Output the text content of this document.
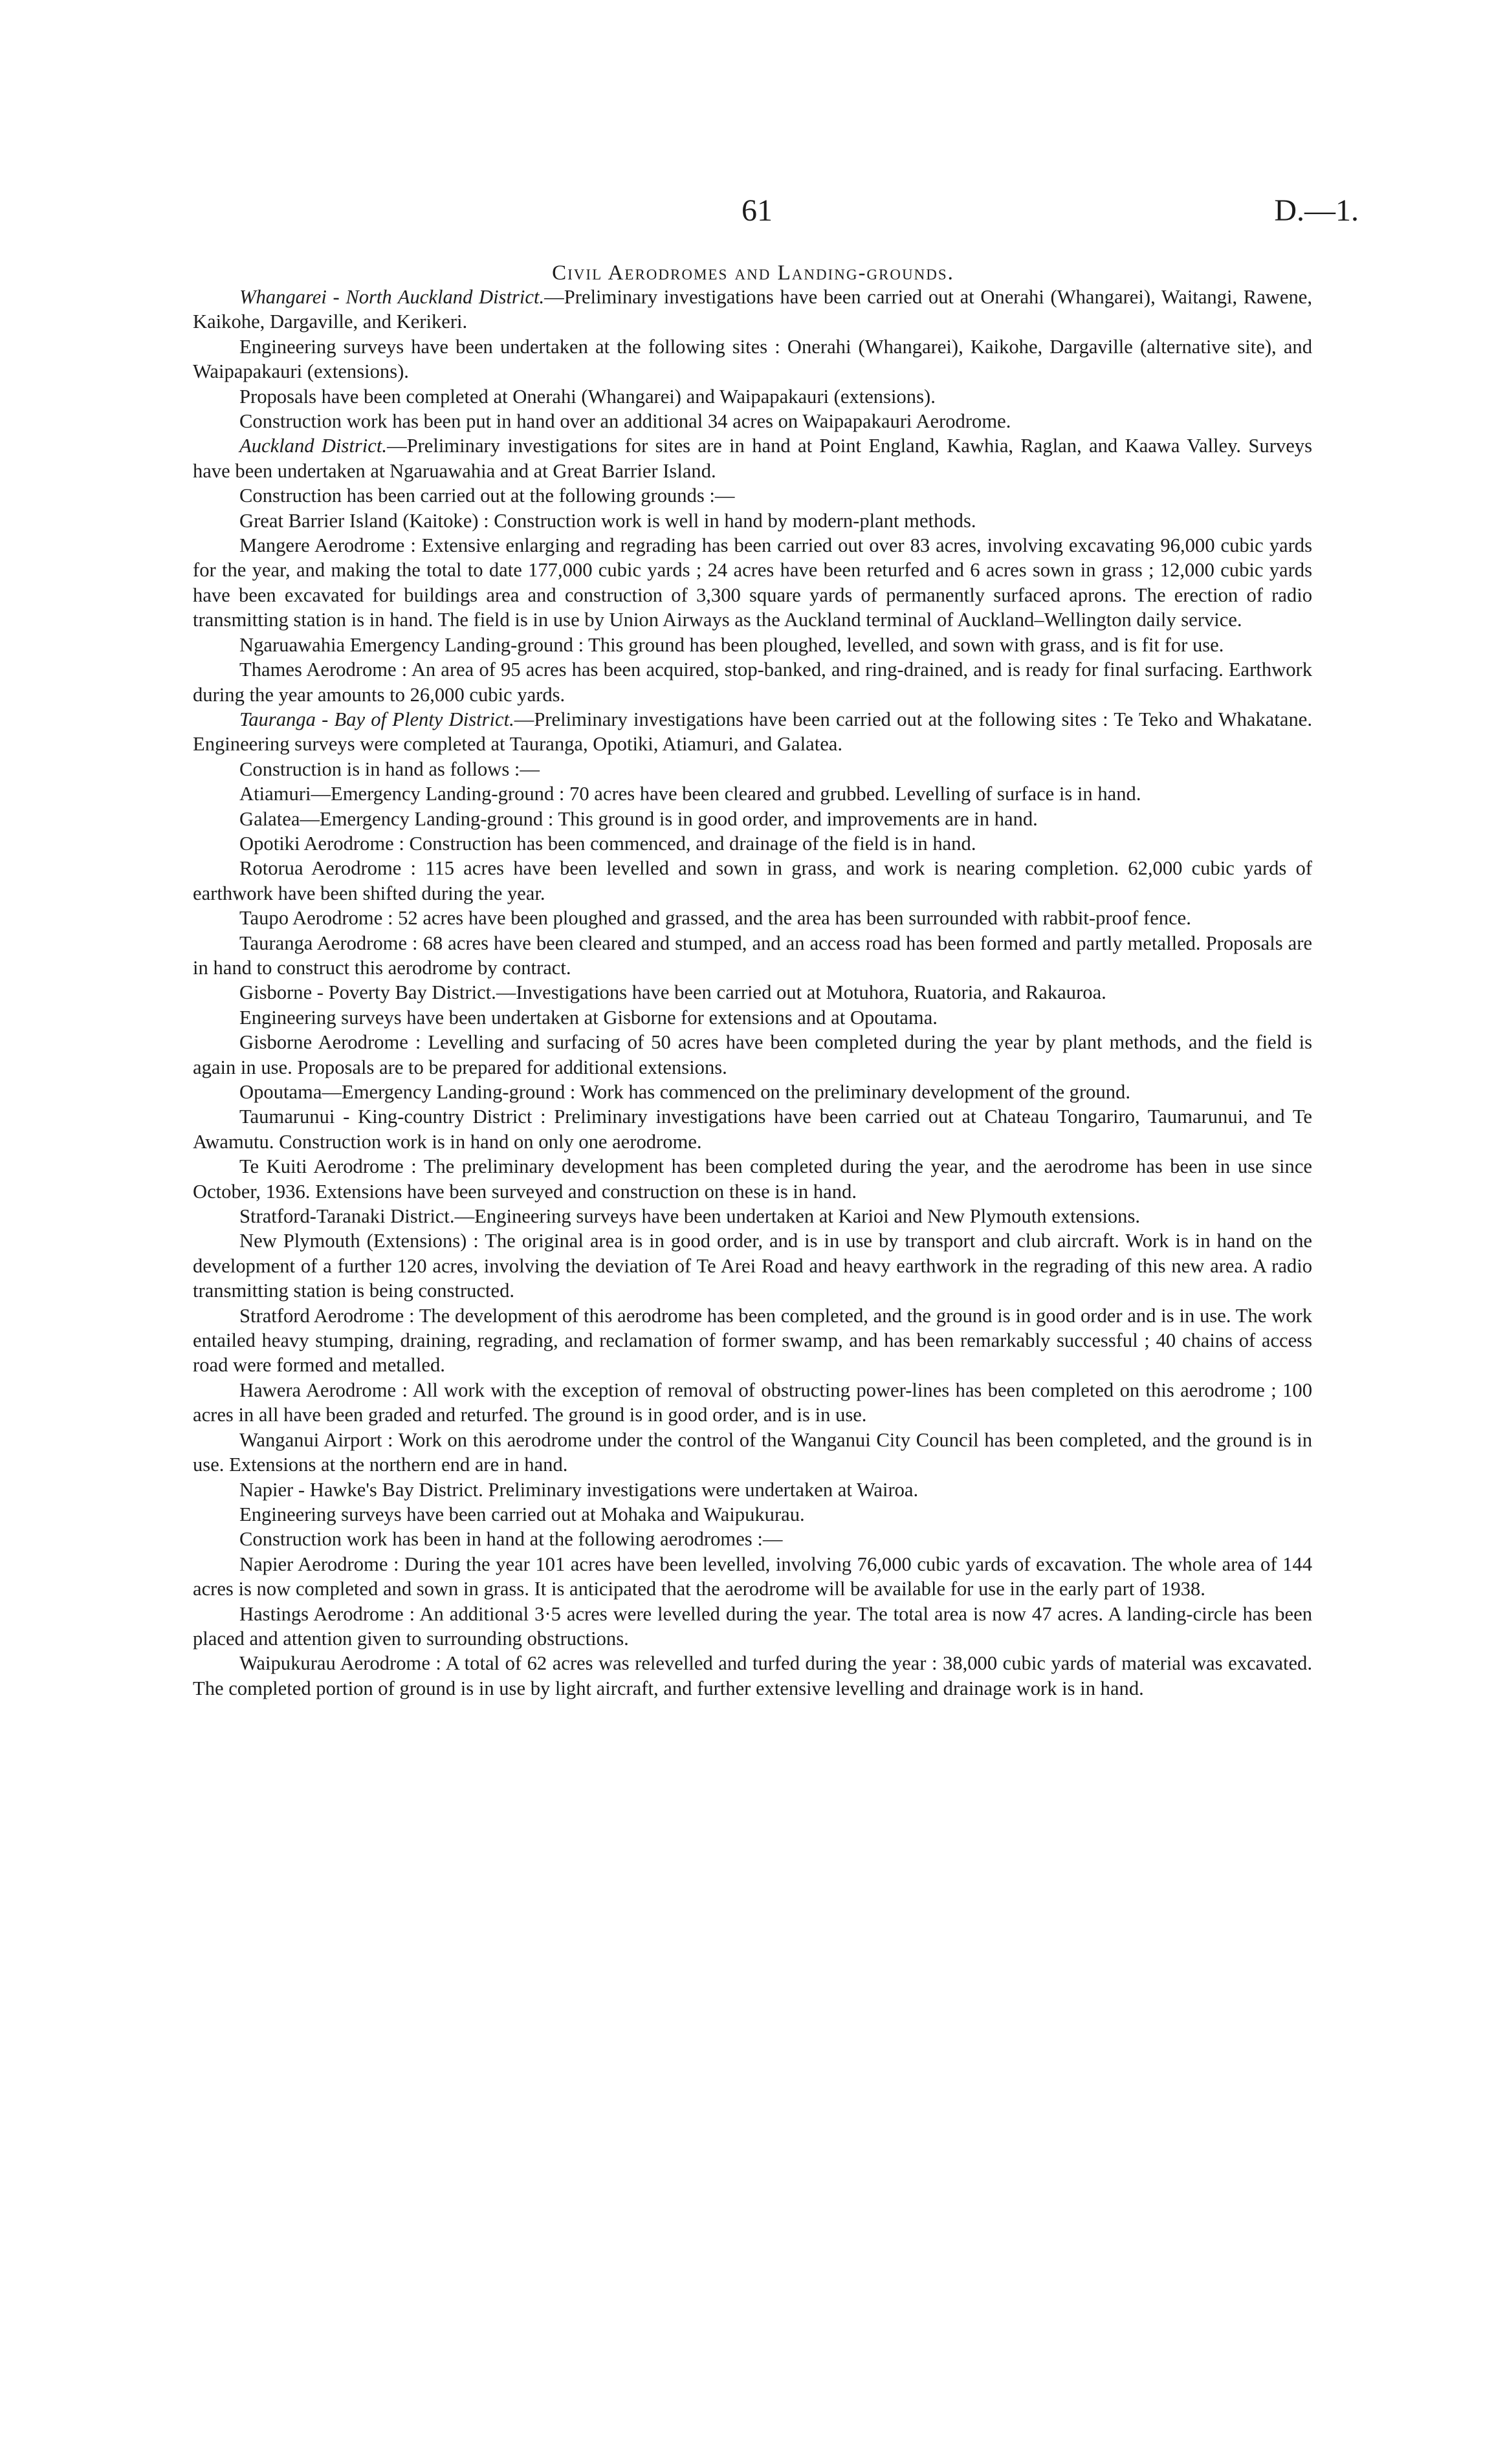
61	D.—1.
Civil Aerodromes and Landing-grounds.

Whangarei - North Auckland District.—Preliminary investigations have been carried out at Onerahi (Whangarei), Waitangi, Rawene, Kaikohe, Dargaville, and Kerikeri.

Engineering surveys have been undertaken at the following sites : Onerahi (Whangarei), Kaikohe, Dargaville (alternative site), and Waipapakauri (extensions).

Proposals have been completed at Onerahi (Whangarei) and Waipapakauri (extensions).

Construction work has been put in hand over an additional 34 acres on Waipapakauri Aerodrome.

Auckland District.—Preliminary investigations for sites are in hand at Point England, Kawhia, Raglan, and Kaawa Valley. Surveys have been undertaken at Ngaruawahia and at Great Barrier Island.

Construction has been carried out at the following grounds :—

Great Barrier Island (Kaitoke) : Construction work is well in hand by modern-plant methods.

Mangere Aerodrome : Extensive enlarging and regrading has been carried out over 83 acres, involving excavating 96,000 cubic yards for the year, and making the total to date 177,000 cubic yards ; 24 acres have been returfed and 6 acres sown in grass ; 12,000 cubic yards have been excavated for buildings area and construction of 3,300 square yards of permanently surfaced aprons. The erection of radio transmitting station is in hand. The field is in use by Union Airways as the Auckland terminal of Auckland–Wellington daily service.

Ngaruawahia Emergency Landing-ground : This ground has been ploughed, levelled, and sown with grass, and is fit for use.

Thames Aerodrome : An area of 95 acres has been acquired, stop-banked, and ring-drained, and is ready for final surfacing. Earthwork during the year amounts to 26,000 cubic yards.

Tauranga - Bay of Plenty District.—Preliminary investigations have been carried out at the following sites : Te Teko and Whakatane. Engineering surveys were completed at Tauranga, Opotiki, Atiamuri, and Galatea.

Construction is in hand as follows :—

Atiamuri—Emergency Landing-ground : 70 acres have been cleared and grubbed. Levelling of surface is in hand.

Galatea—Emergency Landing-ground : This ground is in good order, and improvements are in hand.

Opotiki Aerodrome : Construction has been commenced, and drainage of the field is in hand.

Rotorua Aerodrome : 115 acres have been levelled and sown in grass, and work is nearing completion. 62,000 cubic yards of earthwork have been shifted during the year.

Taupo Aerodrome : 52 acres have been ploughed and grassed, and the area has been surrounded with rabbit-proof fence.

Tauranga Aerodrome : 68 acres have been cleared and stumped, and an access road has been formed and partly metalled. Proposals are in hand to construct this aerodrome by contract.

Gisborne - Poverty Bay District.—Investigations have been carried out at Motuhora, Ruatoria, and Rakauroa.

Engineering surveys have been undertaken at Gisborne for extensions and at Opoutama.

Gisborne Aerodrome : Levelling and surfacing of 50 acres have been completed during the year by plant methods, and the field is again in use. Proposals are to be prepared for additional extensions.

Opoutama—Emergency Landing-ground : Work has commenced on the preliminary development of the ground.

Taumarunui - King-country District : Preliminary investigations have been carried out at Chateau Tongariro, Taumarunui, and Te Awamutu. Construction work is in hand on only one aerodrome.

Te Kuiti Aerodrome : The preliminary development has been completed during the year, and the aerodrome has been in use since October, 1936. Extensions have been surveyed and construction on these is in hand.

Stratford-Taranaki District.—Engineering surveys have been undertaken at Karioi and New Plymouth extensions.

New Plymouth (Extensions) : The original area is in good order, and is in use by transport and club aircraft. Work is in hand on the development of a further 120 acres, involving the deviation of Te Arei Road and heavy earthwork in the regrading of this new area. A radio transmitting station is being constructed.

Stratford Aerodrome : The development of this aerodrome has been completed, and the ground is in good order and is in use. The work entailed heavy stumping, draining, regrading, and reclamation of former swamp, and has been remarkably successful ; 40 chains of access road were formed and metalled.

Hawera Aerodrome : All work with the exception of removal of obstructing power-lines has been completed on this aerodrome ; 100 acres in all have been graded and returfed. The ground is in good order, and is in use.

Wanganui Airport : Work on this aerodrome under the control of the Wanganui City Council has been completed, and the ground is in use. Extensions at the northern end are in hand.

Napier - Hawke's Bay District. Preliminary investigations were undertaken at Wairoa.

Engineering surveys have been carried out at Mohaka and Waipukurau.

Construction work has been in hand at the following aerodromes :—

Napier Aerodrome : During the year 101 acres have been levelled, involving 76,000 cubic yards of excavation. The whole area of 144 acres is now completed and sown in grass. It is anticipated that the aerodrome will be available for use in the early part of 1938.

Hastings Aerodrome : An additional 3·5 acres were levelled during the year. The total area is now 47 acres. A landing-circle has been placed and attention given to surrounding obstructions.

Waipukurau Aerodrome : A total of 62 acres was relevelled and turfed during the year : 38,000 cubic yards of material was excavated. The completed portion of ground is in use by light aircraft, and further extensive levelling and drainage work is in hand.
